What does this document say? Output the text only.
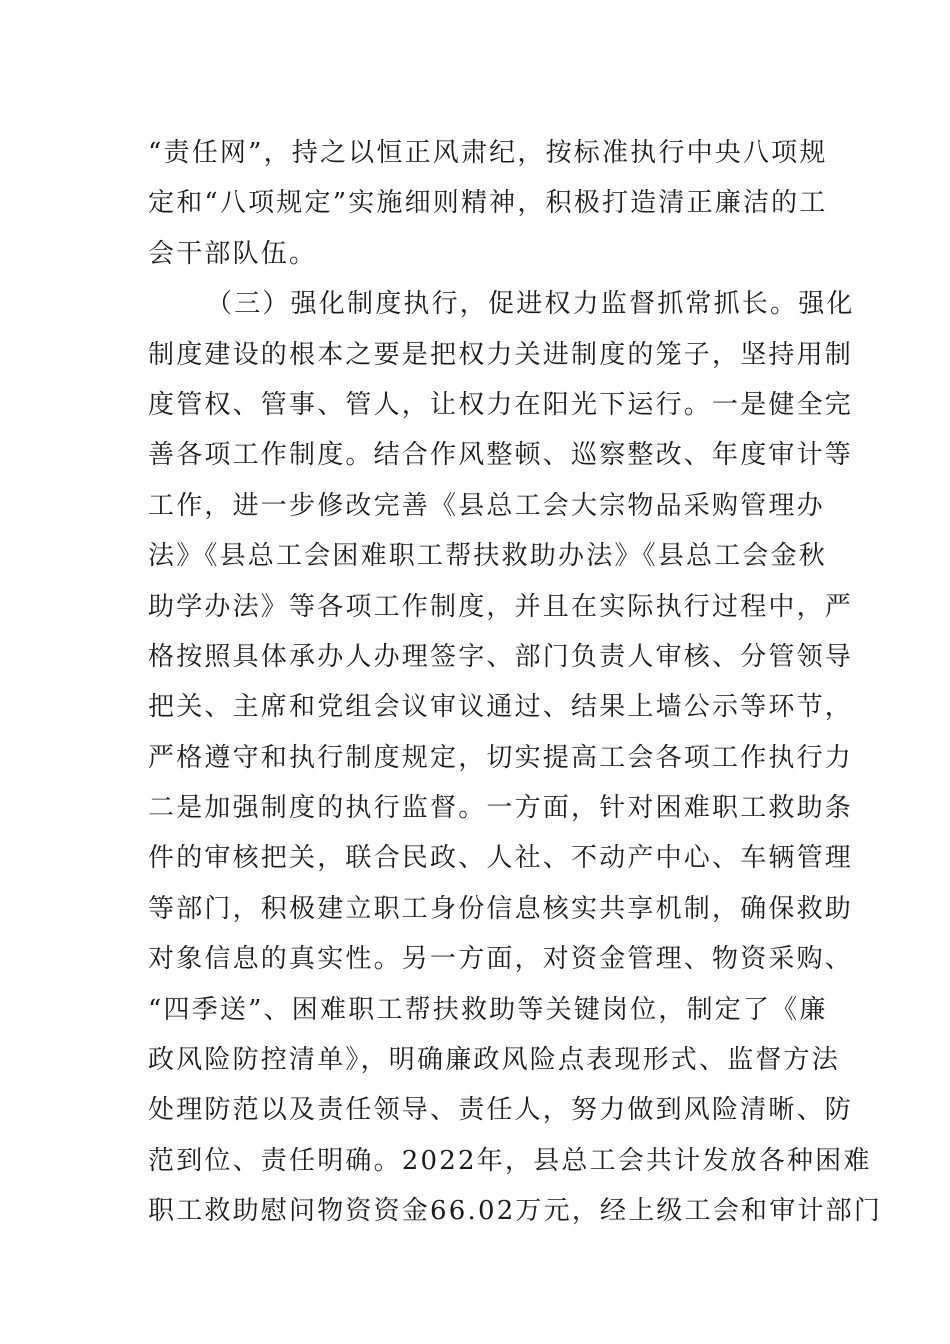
“责任网”，持之以恒正风肃纪，按标准执行中央八项规
定和“八项规定”实施细则精神，积极打造清正廉洁的工
会干部队伍。
（三）强化制度执行，促进权力监督抓常抓长。强化
制度建设的根本之要是把权力关进制度的笼子，坚持用制
度管权、管事、管人，让权力在阳光下运行。一是健全完
善各项工作制度。结合作风整顿、巡察整改、年度审计等
工作，进一步修改完善《县总工会大宗物品采购管理办
法》《县总工会困难职工帮扶救助办法》《县总工会金秋
助学办法》等各项工作制度，并且在实际执行过程中，严
格按照具体承办人办理签字、部门负责人审核、分管领导
把关、主席和党组会议审议通过、结果上墙公示等环节，
严格遵守和执行制度规定，切实提高工会各项工作执行力
二是加强制度的执行监督。一方面，针对困难职工救助条
件的审核把关，联合民政、人社、不动产中心、车辆管理
等部门，积极建立职工身份信息核实共享机制，确保救助
对象信息的真实性。另一方面，对资金管理、物资采购、
“四季送”、困难职工帮扶救助等关键岗位，制定了《廉
政风险防控清单》，明确廉政风险点表现形式、监督方法
处理防范以及责任领导、责任人，努力做到风险清晰、防
范到位、责任明确。2022年，县总工会共计发放各种困难
职工救助慰问物资资金66.02万元，经上级工会和审计部门
